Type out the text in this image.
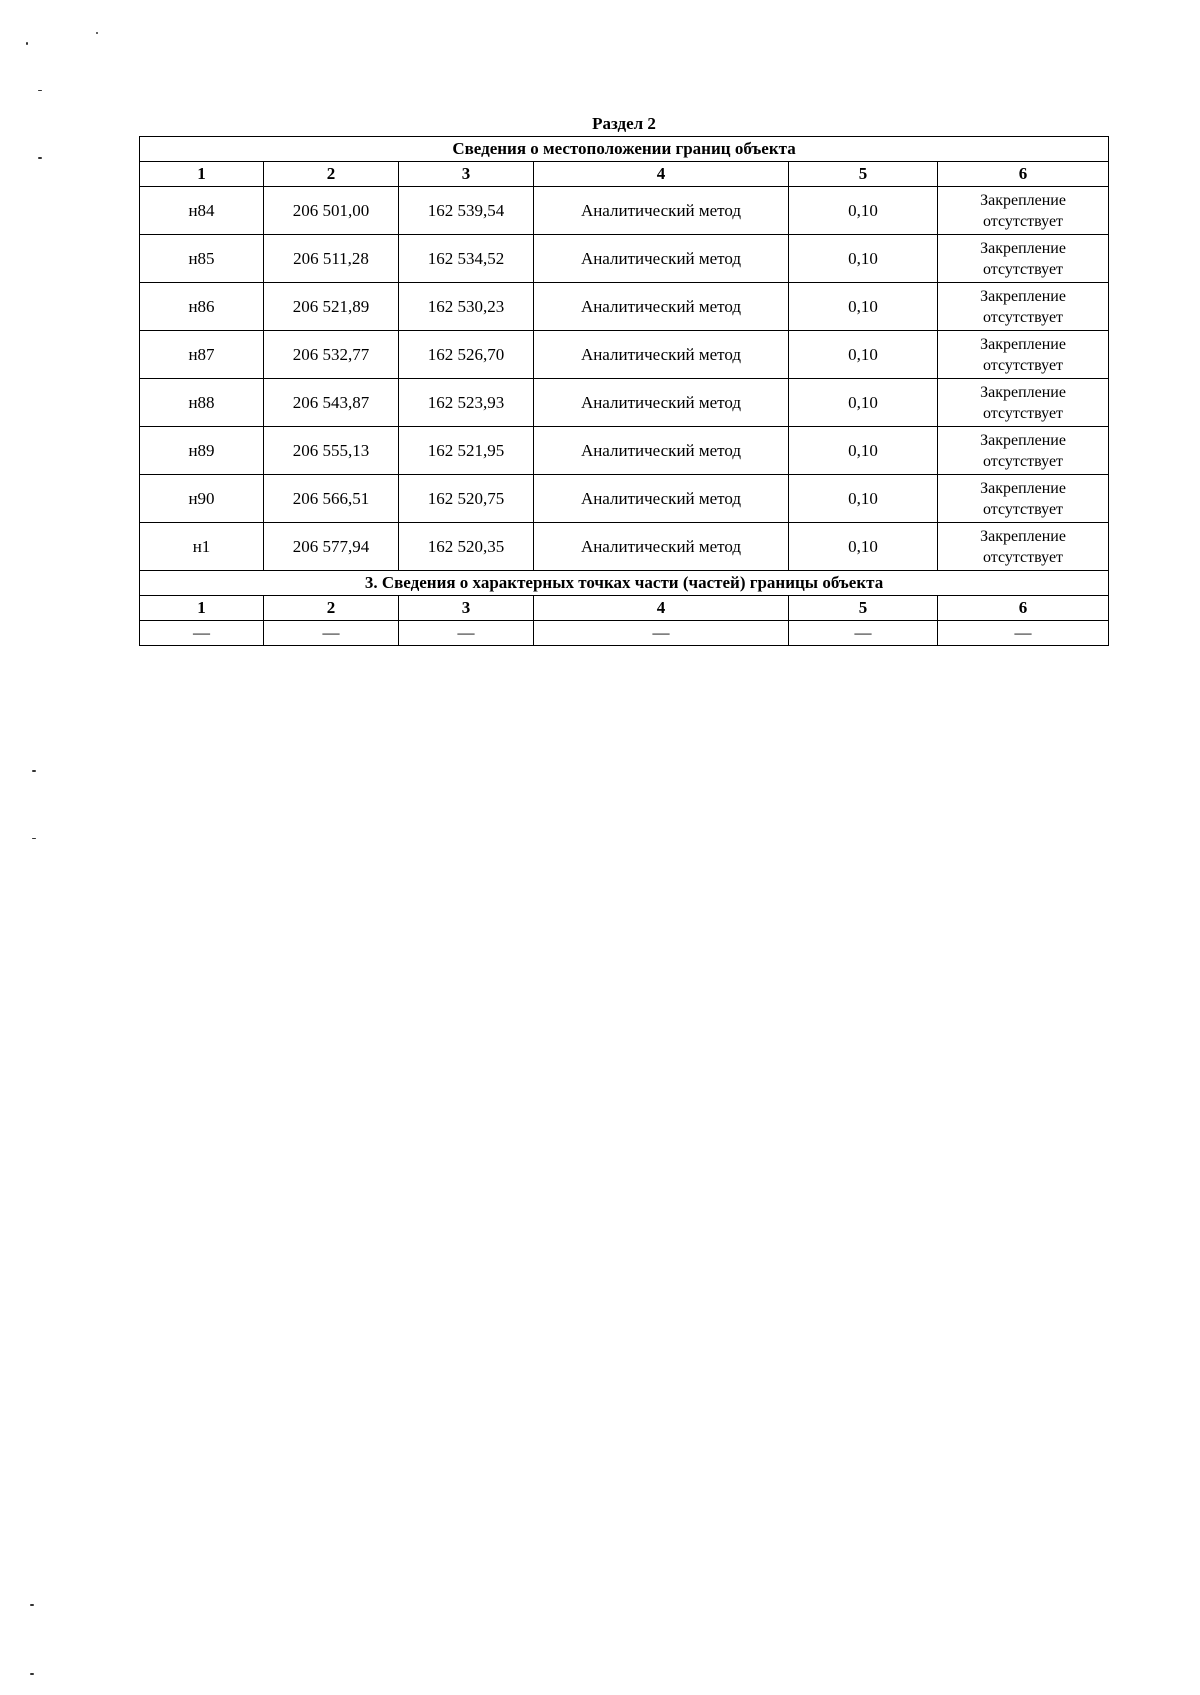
Раздел 2
Сведения о местоположении границ объекта					
1	2	3	4	5	6
н84	206 501,00	162 539,54	Аналитический метод	0,10	Закрепление
отсутствует
н85	206 511,28	162 534,52	Аналитический метод	0,10	Закрепление
отсутствует
н86	206 521,89	162 530,23	Аналитический метод	0,10	Закрепление
отсутствует
н87	206 532,77	162 526,70	Аналитический метод	0,10	Закрепление
отсутствует
н88	206 543,87	162 523,93	Аналитический метод	0,10	Закрепление
отсутствует
н89	206 555,13	162 521,95	Аналитический метод	0,10	Закрепление
отсутствует
н90	206 566,51	162 520,75	Аналитический метод	0,10	Закрепление
отсутствует
н1	206 577,94	162 520,35	Аналитический метод	0,10	Закрепление
отсутствует
3. Сведения о характерных точках части (частей) границы объекта					
1	2	3	4	5	6
—	—	—	—	—	—
